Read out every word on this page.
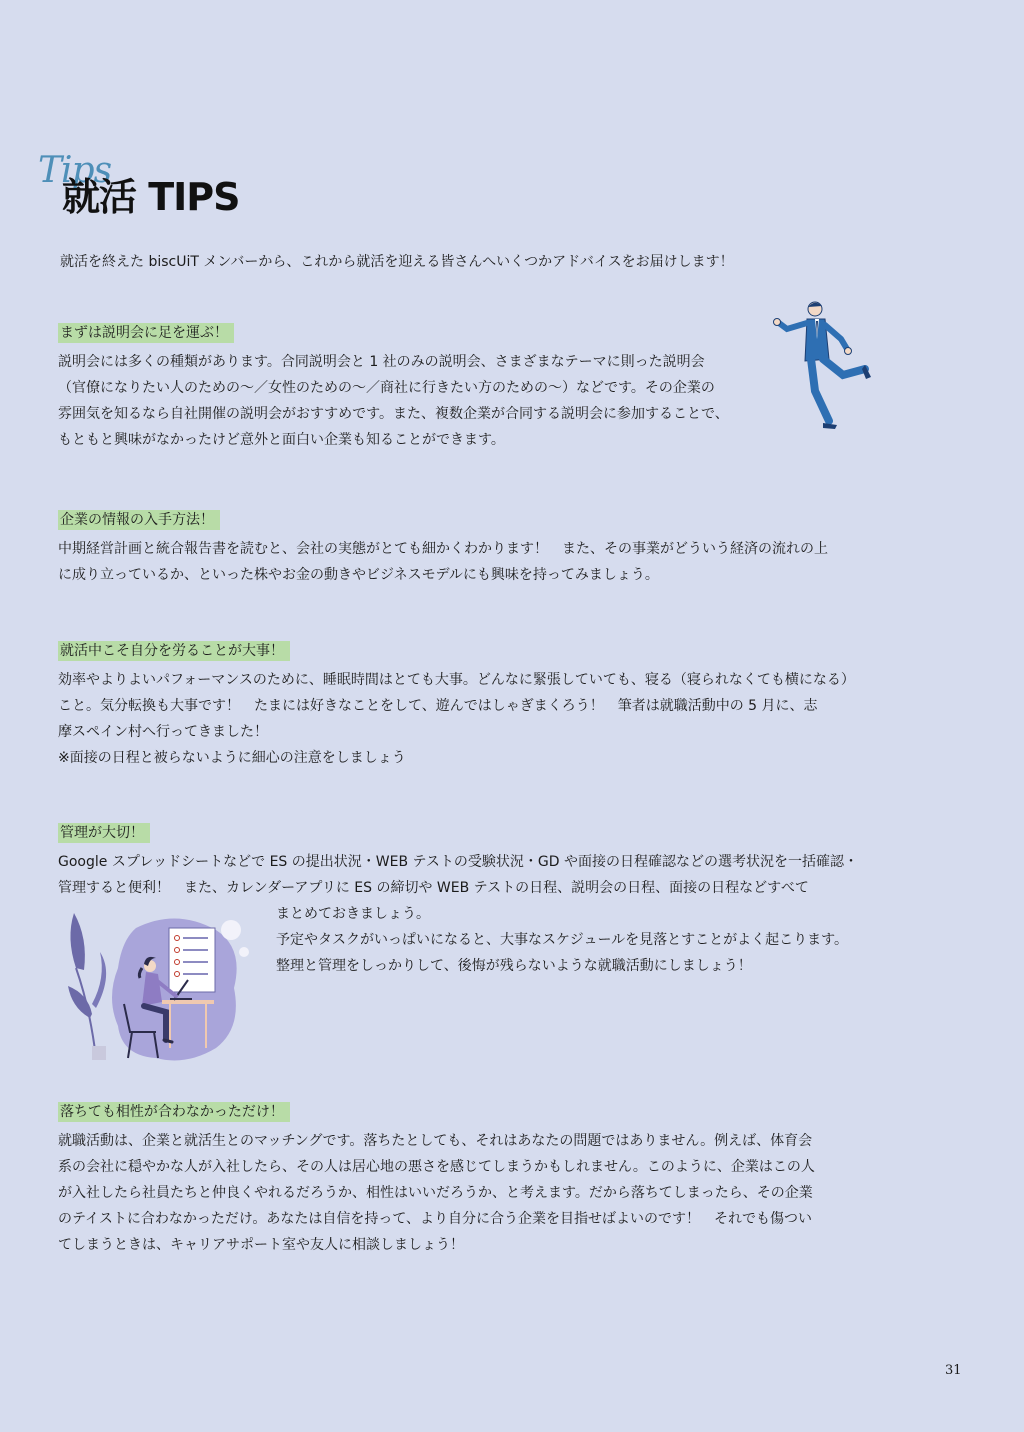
Tips
就活 TIPS
就活を終えた biscUiT メンバーから、これから就活を迎える皆さんへいくつかアドバイスをお届けします！
まずは説明会に足を運ぶ！

説明会には多くの種類があります。合同説明会と 1 社のみの説明会、さまざまなテーマに則った説明会

（官僚になりたい人のための〜／女性のための〜／商社に行きたい方のための〜）などです。その企業の

雰囲気を知るなら自社開催の説明会がおすすめです。また、複数企業が合同する説明会に参加することで、

もともと興味がなかったけど意外と面白い企業も知ることができます。

企業の情報の入手方法！

中期経営計画と統合報告書を読むと、会社の実態がとても細かくわかります！　また、その事業がどういう経済の流れの上

に成り立っているか、といった株やお金の動きやビジネスモデルにも興味を持ってみましょう。

就活中こそ自分を労ることが大事！

効率やよりよいパフォーマンスのために、睡眠時間はとても大事。どんなに緊張していても、寝る（寝られなくても横になる）

こと。気分転換も大事です！　たまには好きなことをして、遊んではしゃぎまくろう！　筆者は就職活動中の 5 月に、志

摩スペイン村へ行ってきました！

※面接の日程と被らないように細心の注意をしましょう

管理が大切！

Google スプレッドシートなどで ES の提出状況・WEB テストの受験状況・GD や面接の日程確認などの選考状況を一括確認・

管理すると便利！　また、カレンダーアプリに ES の締切や WEB テストの日程、説明会の日程、面接の日程などすべて

まとめておきましょう。

予定やタスクがいっぱいになると、大事なスケジュールを見落とすことがよく起こります。

整理と管理をしっかりして、後悔が残らないような就職活動にしましょう！

落ちても相性が合わなかっただけ！

就職活動は、企業と就活生とのマッチングです。落ちたとしても、それはあなたの問題ではありません。例えば、体育会

系の会社に穏やかな人が入社したら、その人は居心地の悪さを感じてしまうかもしれません。このように、企業はこの人

が入社したら社員たちと仲良くやれるだろうか、相性はいいだろうか、と考えます。だから落ちてしまったら、その企業

のテイストに合わなかっただけ。あなたは自信を持って、より自分に合う企業を目指せばよいのです！　それでも傷つい

てしまうときは、キャリアサポート室や友人に相談しましょう！

31
